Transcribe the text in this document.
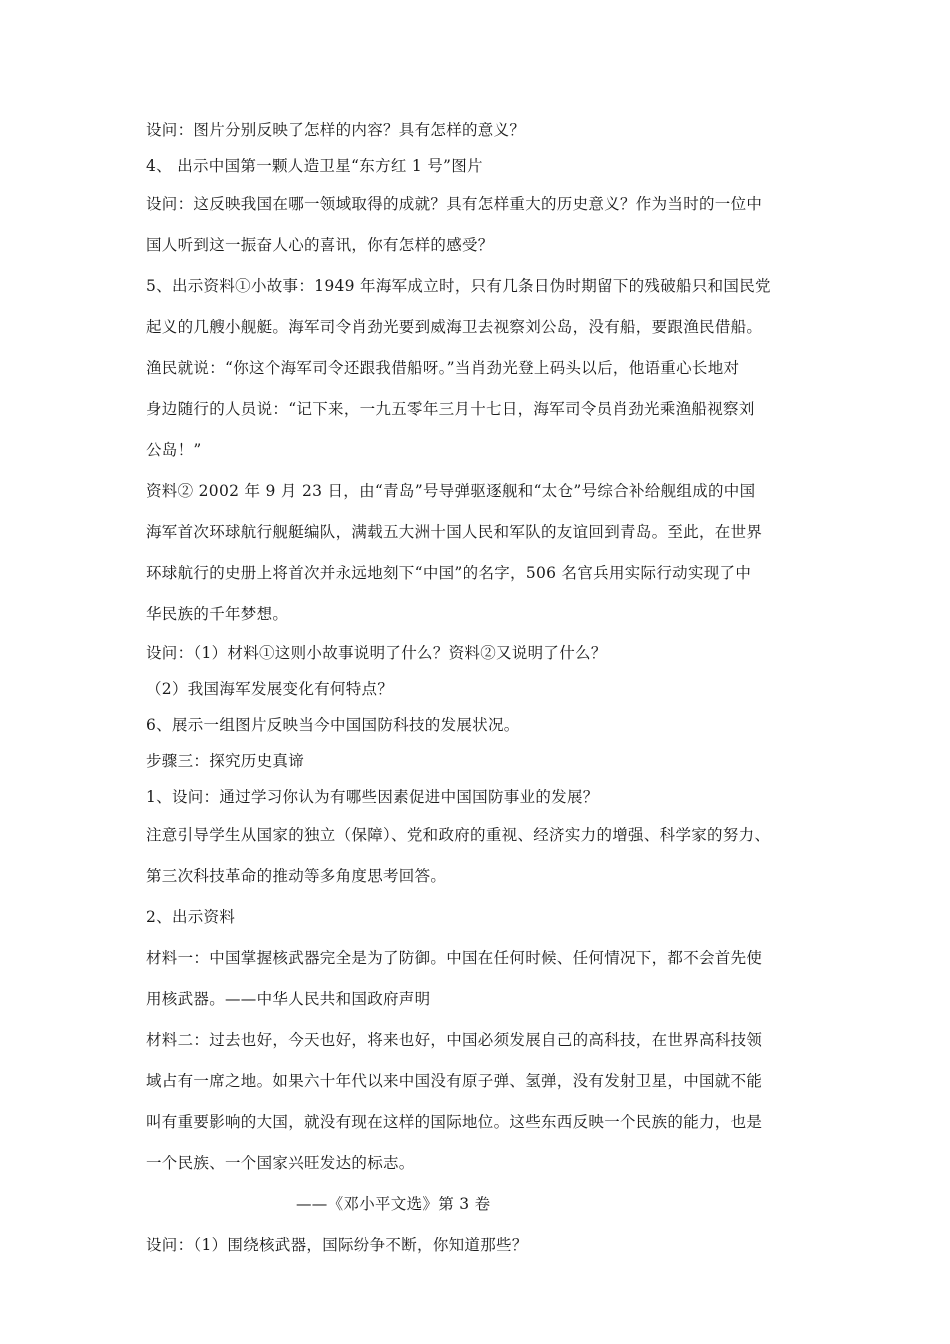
设问：图片分别反映了怎样的内容？具有怎样的意义？
4、 出示中国第一颗人造卫星“东方红 1 号”图片
设问：这反映我国在哪一领域取得的成就？具有怎样重大的历史意义？作为当时的一位中
国人听到这一振奋人心的喜讯，你有怎样的感受？
5、出示资料①小故事：1949 年海军成立时，只有几条日伪时期留下的残破船只和国民党
起义的几艘小舰艇。海军司令肖劲光要到威海卫去视察刘公岛，没有船，要跟渔民借船。
渔民就说：“你这个海军司令还跟我借船呀。”当肖劲光登上码头以后，他语重心长地对
身边随行的人员说：“记下来，一九五零年三月十七日，海军司令员肖劲光乘渔船视察刘
公岛！”
资料② 2002 年 9 月 23 日，由“青岛”号导弹驱逐舰和“太仓”号综合补给舰组成的中国
海军首次环球航行舰艇编队，满载五大洲十国人民和军队的友谊回到青岛。至此，在世界
环球航行的史册上将首次并永远地刻下“中国”的名字，506 名官兵用实际行动实现了中
华民族的千年梦想。
设问：（1）材料①这则小故事说明了什么？资料②又说明了什么？
（2）我国海军发展变化有何特点？
6、展示一组图片反映当今中国国防科技的发展状况。
步骤三：探究历史真谛
1、设问：通过学习你认为有哪些因素促进中国国防事业的发展？
注意引导学生从国家的独立（保障）、党和政府的重视、经济实力的增强、科学家的努力、
第三次科技革命的推动等多角度思考回答。
2、出示资料
材料一：中国掌握核武器完全是为了防御。中国在任何时候、任何情况下，都不会首先使
用核武器。——中华人民共和国政府声明
材料二：过去也好，今天也好，将来也好，中国必须发展自己的高科技，在世界高科技领
域占有一席之地。如果六十年代以来中国没有原子弹、氢弹，没有发射卫星，中国就不能
叫有重要影响的大国，就没有现在这样的国际地位。这些东西反映一个民族的能力，也是
一个民族、一个国家兴旺发达的标志。
——《邓小平文选》第 3 卷
设问：（1）围绕核武器，国际纷争不断，你知道那些？
